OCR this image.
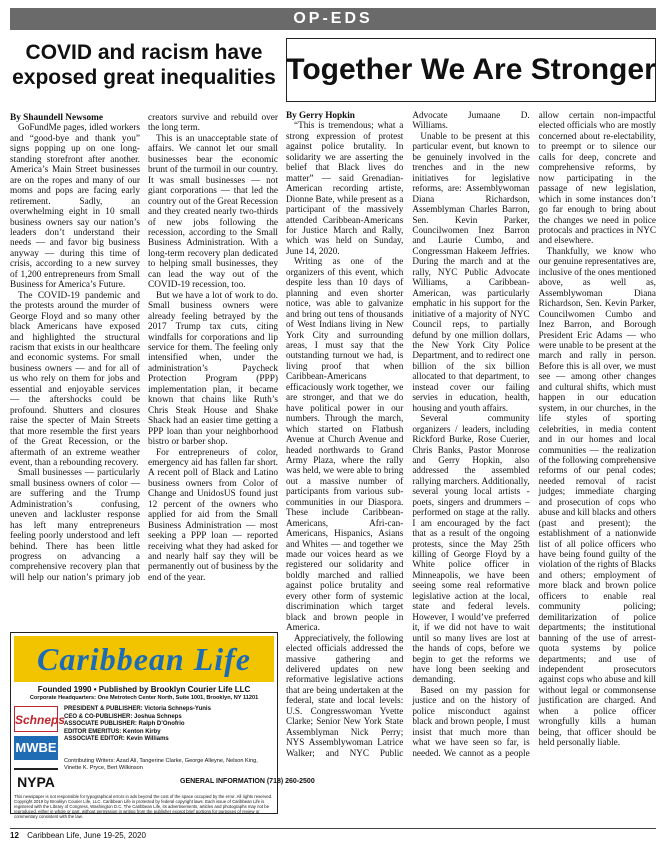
OP-EDS
COVID and racism have exposed great inequalities
By Shaundell Newsome

GoFundMe pages, idled workers and “good-bye and thank you” signs popping up on one long-standing storefront after another. America’s Main Street businesses are on the ropes and many of our moms and pops are facing early retirement. Sadly, an overwhelming eight in 10 small business owners say our nation’s leaders don’t understand their needs — and favor big business anyway — during this time of crisis, according to a new survey of 1,200 entrepreneurs from Small Business for America’s Future.

The COVID-19 pandemic and the protests around the murder of George Floyd and so many other black Americans have exposed and highlighted the structural racism that exists in our healthcare and economic systems. For small business owners — and for all of us who rely on them for jobs and essential and enjoyable services — the aftershocks could be profound. Shutters and closures raise the specter of Main Streets that more resemble the first years of the Great Recession, or the aftermath of an extreme weather event, than a rebounding recovery.

Small businesses — particularly small business owners of color — are suffering and the Trump Administration’s confusing, uneven and lackluster response has left many entrepreneurs feeling poorly understood and left behind. There has been little progress on advancing a comprehensive recovery plan that will help our nation’s primary job creators survive and rebuild over the long term.

This is an unacceptable state of affairs. We cannot let our small businesses bear the economic brunt of the turmoil in our country. It was small businesses — not giant corporations — that led the country out of the Great Recession and they created nearly two-thirds of new jobs following the recession, according to the Small Business Administration. With a long-term recovery plan dedicated to helping small businesses, they can lead the way out of the COVID-19 recession, too.

But we have a lot of work to do. Small business owners were already feeling betrayed by the 2017 Trump tax cuts, citing windfalls for corporations and lip service for them. The feeling only intensified when, under the administration’s Paycheck Protection Program (PPP) implementation plan, it became known that chains like Ruth’s Chris Steak House and Shake Shack had an easier time getting a PPP loan than your neighborhood bistro or barber shop.

For entrepreneurs of color, emergency aid has fallen far short. A recent poll of Black and Latino business owners from Color of Change and UnidosUS found just 12 percent of the owners who applied for aid from the Small Business Administration — most seeking a PPP loan — reported receiving what they had asked for and nearly half say they will be permanently out of business by the end of the year.

Together We Are Stronger
By Gerry Hopkin

“This is tremendous; what a strong expression of protest against police brutality. In solidarity we are asserting the belief that Black lives do matter” — said Grenadian-American recording artiste, Dionne Bate, while present as a participant of the massively attended Caribbean-Americans for Justice March and Rally, which was held on Sunday, June 14, 2020.

Writing as one of the organizers of this event, which despite less than 10 days of planning and even shorter notice, was able to galvanize and bring out tens of thousands of West Indians living in New York City and surrounding areas, I must say that the outstanding turnout we had, is living proof that when Caribbean-Americans efficaciously work together, we are stronger, and that we do have political power in our numbers. Through the march, which started on Flatbush Avenue at Church Avenue and headed northwards to Grand Army Plaza, where the rally was held, we were able to bring out a massive number of participants from various sub-communities in our Diaspora. These include Caribbean-Americans, Afri-can-Americans, Hispanics, Asians and Whites — and together we made our voices heard as we registered our solidarity and boldly marched and rallied against police brutality and every other form of systemic discrimination which target black and brown people in America.

Appreciatively, the following elected officials addressed the massive gathering and delivered updates on new reformative legislative actions that are being undertaken at the federal, state and local levels: U.S. Congresswoman Yvette Clarke; Senior New York State Assemblyman Nick Perry; NYS Assemblywoman Latrice Walker; and NYC Public Advocate Jumaane D. Williams.

Unable to be present at this particular event, but known to be genuinely involved in the trenches and in the new initiatives for legislative reforms, are: Assemblywoman Diana Richardson, Assemblyman Charles Barron, Sen. Kevin Parker, Councilwomen Inez Barron and Laurie Cumbo, and Congressman Hakeem Jeffries. During the march and at the rally, NYC Public Advocate Williams, a Caribbean-American, was particularly emphatic in his support for the initiative of a majority of NYC Council reps, to partially defund by one million dollars, the New York City Police Department, and to redirect one billion of the six billion allocated to that department, to instead cover our failing servies in education, health, housing and youth affairs.

Several community organizers / leaders, including Rickford Burke, Rose Cuerier, Chris Banks, Pastor Monrose and Gerry Hopkin, also addressed the assembled rallying marchers. Additionally, several young local artists - poets, singers and drummers – performed on stage at the rally. I am encouraged by the fact that as a result of the ongoing protests, since the May 25th killing of George Floyd by a White police officer in Minneapolis, we have been seeing some real reformative legislative action at the local, state and federal levels. However, I would’ve preferred it, if we did not have to wait until so many lives are lost at the hands of cops, before we begin to get the reforms we have long been seeking and demanding.

Based on my passion for justice and on the history of police misconduct against black and brown people, I must insist that much more than what we have seen so far, is needed. We cannot as a people allow certain non-impactful elected officials who are mostly concerned about re-electability, to preempt or to silence our calls for deep, concrete and comprehensive reforms, by now participating in the passage of new legislation, which in some instances don’t go far enough to bring about the changes we need in police protocals and practices in NYC and elsewhere.

Thankfully, we know who our genuine representatives are, inclusive of the ones mentioned above, as well as, Assemblywoman Diana Richardson, Sen. Kevin Parker, Councilwomen Cumbo and Inez Barron, and Borough President Eric Adams — who were unable to be present at the march and rally in person. Before this is all over, we must see — among other changes and cultural shifts, which must happen in our education system, in our churches, in the life styles of sporting celebrities, in media content and in our homes and local communities — the realization of the following comprehensive reforms of our penal codes; needed removal of racist judges; immediate charging and prosecution of cops who abuse and kill blacks and others (past and present); the establishment of a nationwide list of all police officers who have being found guilty of the violation of the rights of Blacks and others; employment of more black and brown police officers to enable real community policing; demilitarization of police departments; the institutional banning of the use of arrest-quota systems by police departments; and use of independent prosecutors against cops who abuse and kill without legal or commonsense justification are charged. And when a police officer wrongfully kills a human being, that officer should be held personally liable.

Caribbean Life
Founded 1990 • Published by Brooklyn Courier Life LLC
Corporate Headquarters: One Metrotech Center North, Suite 1001, Brooklyn, NY 11201
Schneps
MWBE
NYPA
PRESIDENT & PUBLISHER: Victoria Schneps-Yunis
CEO & CO-PUBLISHER: Joshua Schneps
ASSOCIATE PUBLISHER: Ralph D’Onofrio
EDITOR EMERITUS: Kenton Kirby
ASSOCIATE EDITOR: Kevin Williams
Contributing Writers: Azad Ali, Tangerine Clarke, George Alleyne, Nelson King, Vinette K. Pryce, Bert Wilkinson
GENERAL INFORMATION (718) 260-2500
This newspaper is not responsible for typographical errors in ads beyond the cost of the space occupied by the error. All rights reserved. Copyright 2019 by Brooklyn Courier Life, LLC. Caribbean Life is protected by federal copyright laws. Each issue of Caribbean Life is registered with the Library of Congress, Washington D.C. The Caribbean Life, its advertisements, articles and photographs may not be reproduced, either in whole or part, without permission in writing from the publisher except brief portions for purposes of review or commentary consistent with the law.
12 Caribbean Life, June 19-25, 2020
